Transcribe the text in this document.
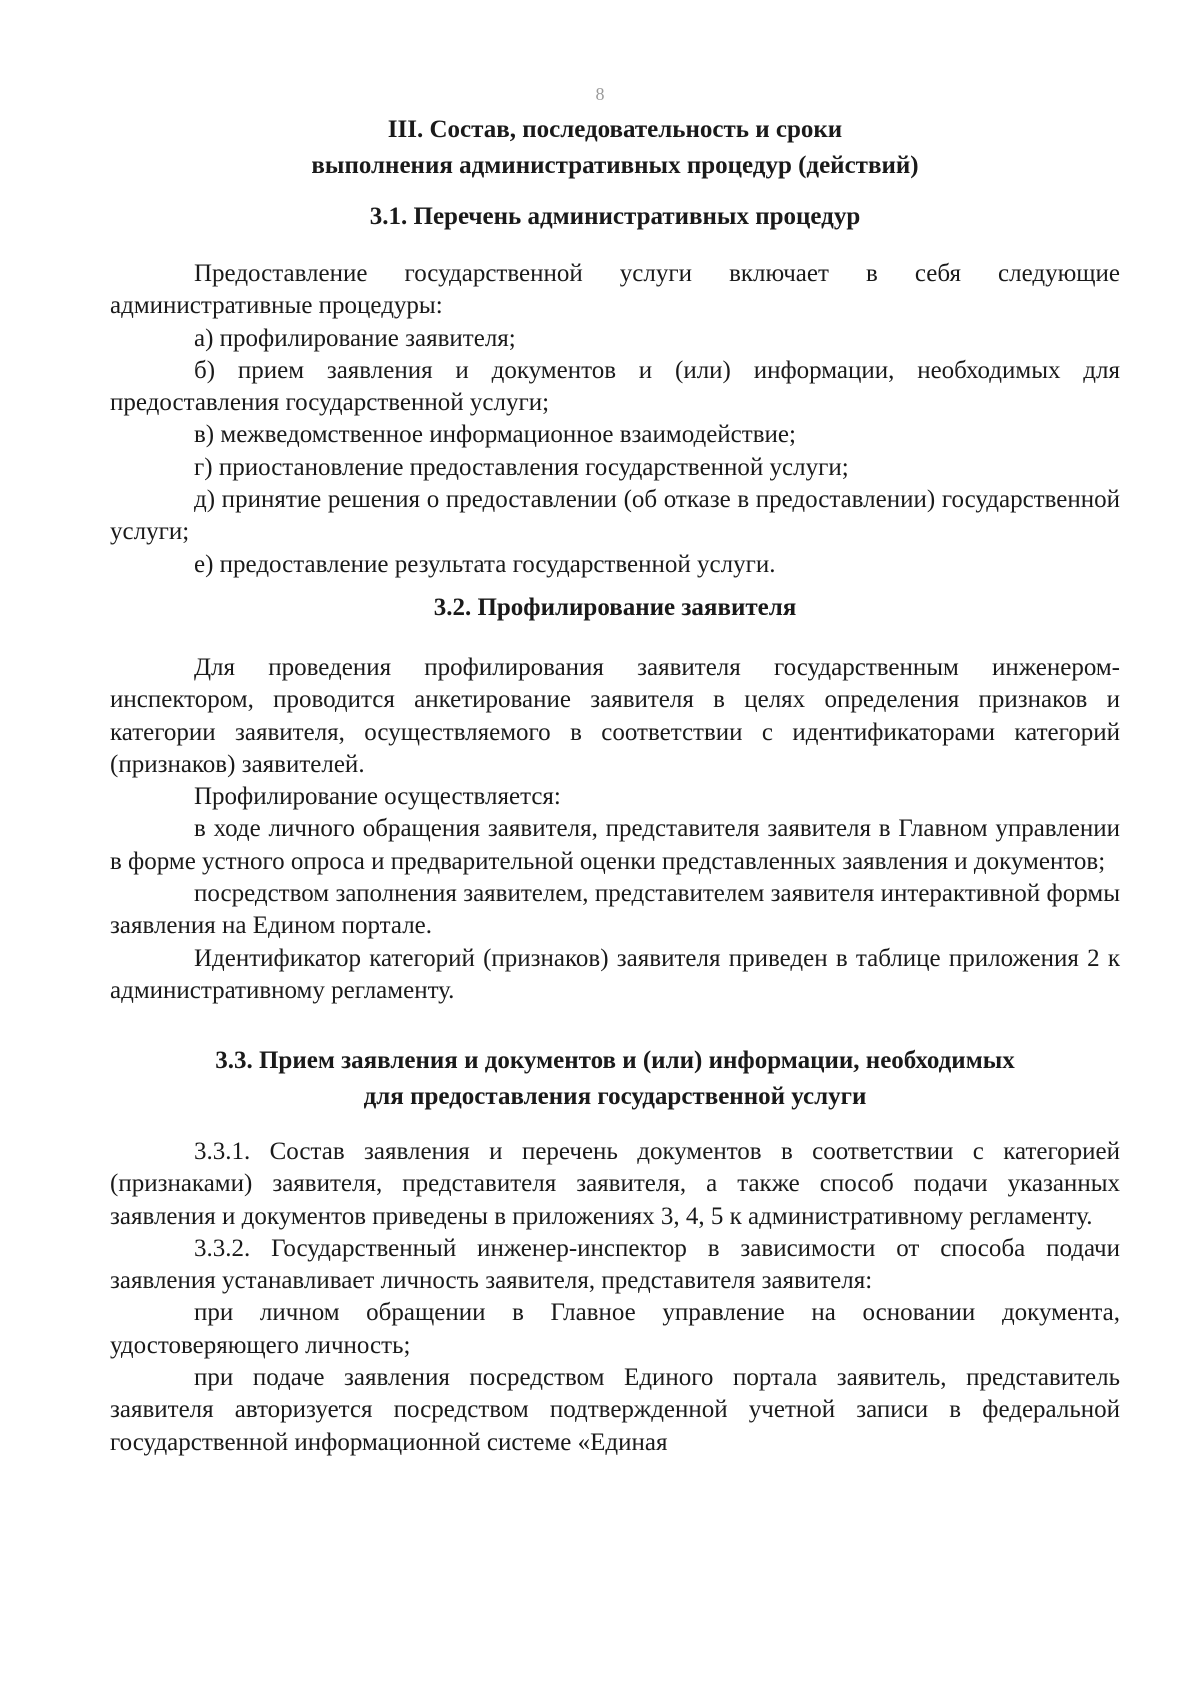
8
III. Состав, последовательность и сроки
выполнения административных процедур (действий)
3.1. Перечень административных процедур

Предоставление государственной услуги включает в себя следующие административные процедуры:

а) профилирование заявителя;

б) прием заявления и документов и (или) информации, необходимых для предоставления государственной услуги;

в) межведомственное информационное взаимодействие;

г) приостановление предоставления государственной услуги;

д) принятие решения о предоставлении (об отказе в предоставлении) государственной услуги;

е) предоставление результата государственной услуги.

3.2. Профилирование заявителя

Для проведения профилирования заявителя государственным инженером-инспектором, проводится анкетирование заявителя в целях определения признаков и категории заявителя, осуществляемого в соответствии с идентификаторами категорий (признаков) заявителей.

Профилирование осуществляется:

в ходе личного обращения заявителя, представителя заявителя в Главном управлении в форме устного опроса и предварительной оценки представленных заявления и документов;

посредством заполнения заявителем, представителем заявителя интерактивной формы заявления на Едином портале.

Идентификатор категорий (признаков) заявителя приведен в таблице приложения 2 к административному регламенту.

3.3. Прием заявления и документов и (или) информации, необходимых
для предоставления государственной услуги

3.3.1. Состав заявления и перечень документов в соответствии с категорией (признаками) заявителя, представителя заявителя, а также способ подачи указанных заявления и документов приведены в приложениях 3, 4, 5 к административному регламенту.

3.3.2. Государственный инженер-инспектор в зависимости от способа подачи заявления устанавливает личность заявителя, представителя заявителя:

при личном обращении в Главное управление на основании документа, удостоверяющего личность;

при подаче заявления посредством Единого портала заявитель, представитель заявителя авторизуется посредством подтвержденной учетной записи в федеральной государственной информационной системе «Единая
